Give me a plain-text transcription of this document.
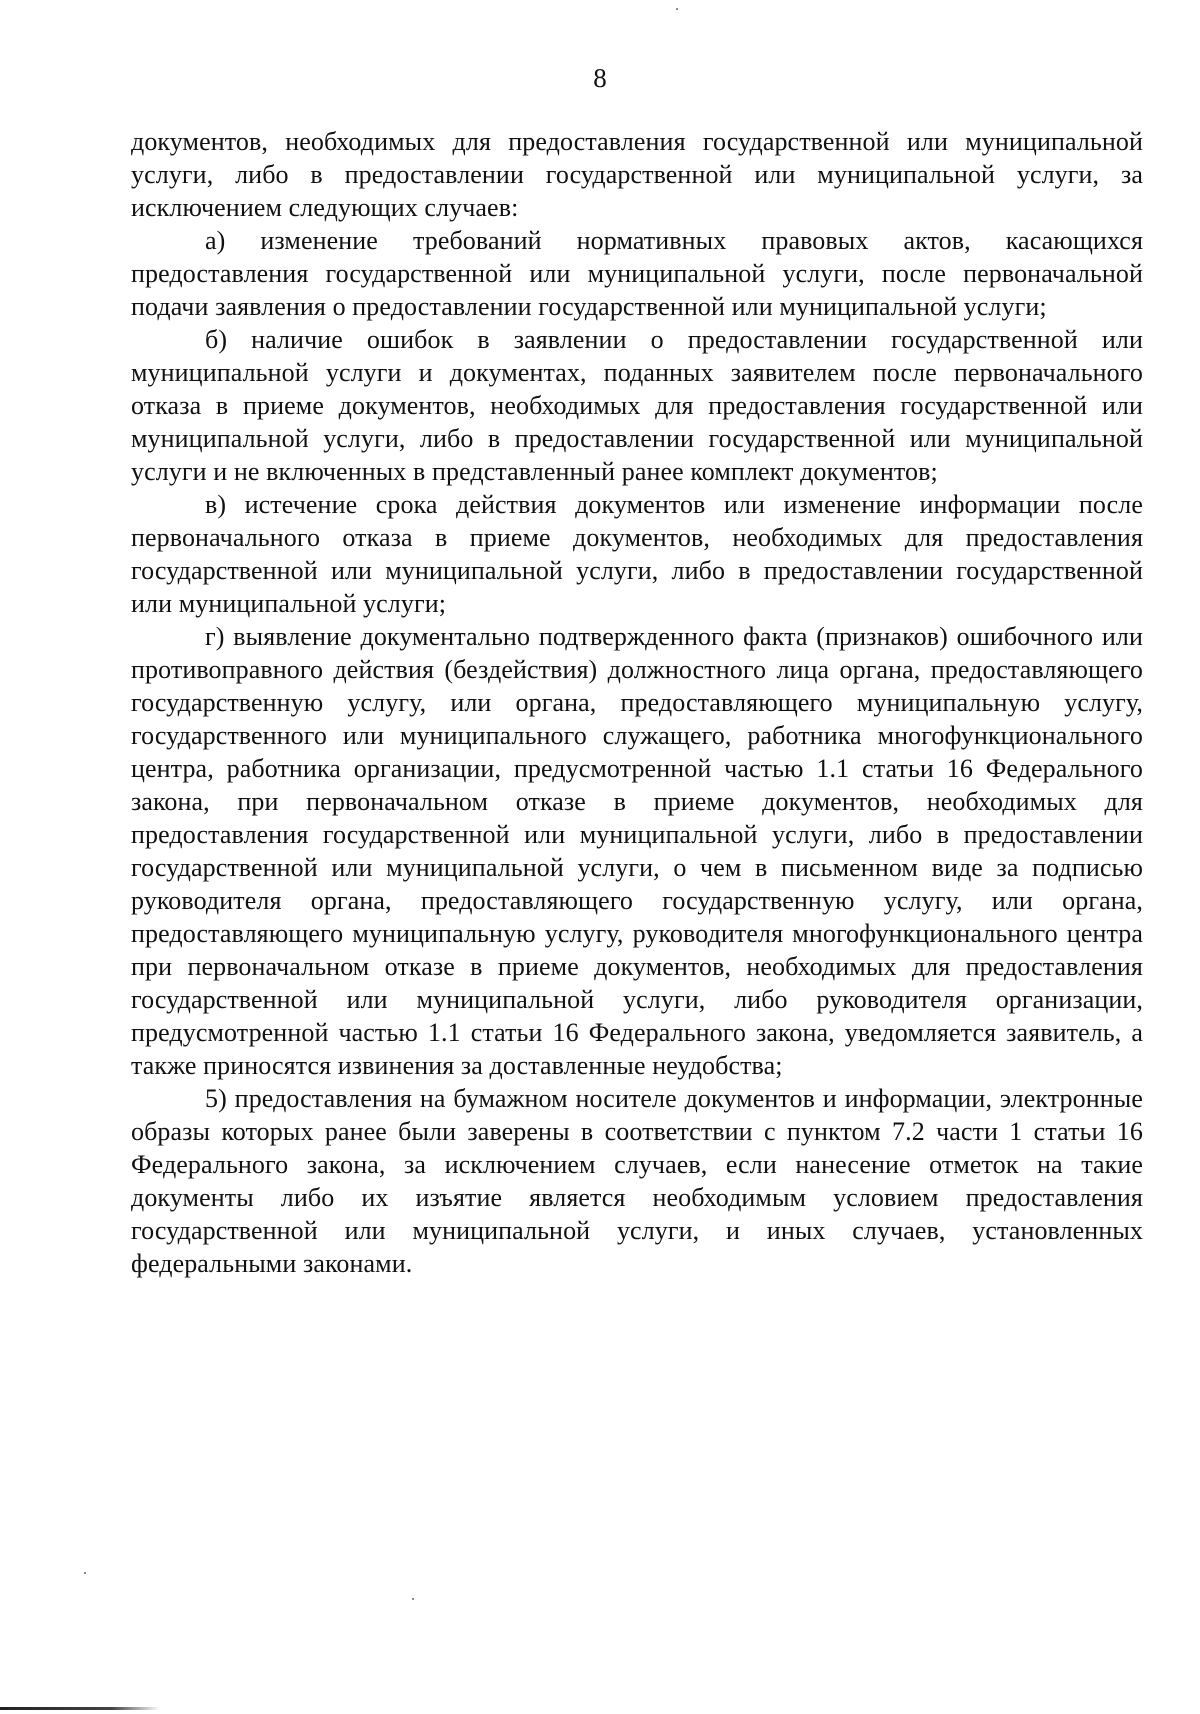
8

документов, необходимых для предоставления государственной или муниципальной услуги, либо в предоставлении государственной или муниципальной услуги, за исключением следующих случаев:

а) изменение требований нормативных правовых актов, касающихся предоставления государственной или муниципальной услуги, после первоначальной подачи заявления о предоставлении государственной или муниципальной услуги;

б) наличие ошибок в заявлении о предоставлении государственной или муниципальной услуги и документах, поданных заявителем после первоначального отказа в приеме документов, необходимых для предоставления государственной или муниципальной услуги, либо в предоставлении государственной или муниципальной услуги и не включенных в представленный ранее комплект документов;

в) истечение срока действия документов или изменение информации после первоначального отказа в приеме документов, необходимых для предоставления государственной или муниципальной услуги, либо в предоставлении государственной или муниципальной услуги;

г) выявление документально подтвержденного факта (признаков) ошибочного или противоправного действия (бездействия) должностного лица органа, предоставляющего государственную услугу, или органа, предоставляющего муниципальную услугу, государственного или муниципального служащего, работника многофункционального центра, работника организации, предусмотренной частью 1.1 статьи 16 Федерального закона, при первоначальном отказе в приеме документов, необходимых для предоставления государственной или муниципальной услуги, либо в предоставлении государственной или муниципальной услуги, о чем в письменном виде за подписью руководителя органа, предоставляющего государственную услугу, или органа, предоставляющего муниципальную услугу, руководителя многофункционального центра при первоначальном отказе в приеме документов, необходимых для предоставления государственной или муниципальной услуги, либо руководителя организации, предусмотренной частью 1.1 статьи 16 Федерального закона, уведомляется заявитель, а также приносятся извинения за доставленные неудобства;

5) предоставления на бумажном носителе документов и информации, электронные образы которых ранее были заверены в соответствии с пунктом 7.2 части 1 статьи 16 Федерального закона, за исключением случаев, если нанесение отметок на такие документы либо их изъятие является необходимым условием предоставления государственной или муниципальной услуги, и иных случаев, установленных федеральными законами.
